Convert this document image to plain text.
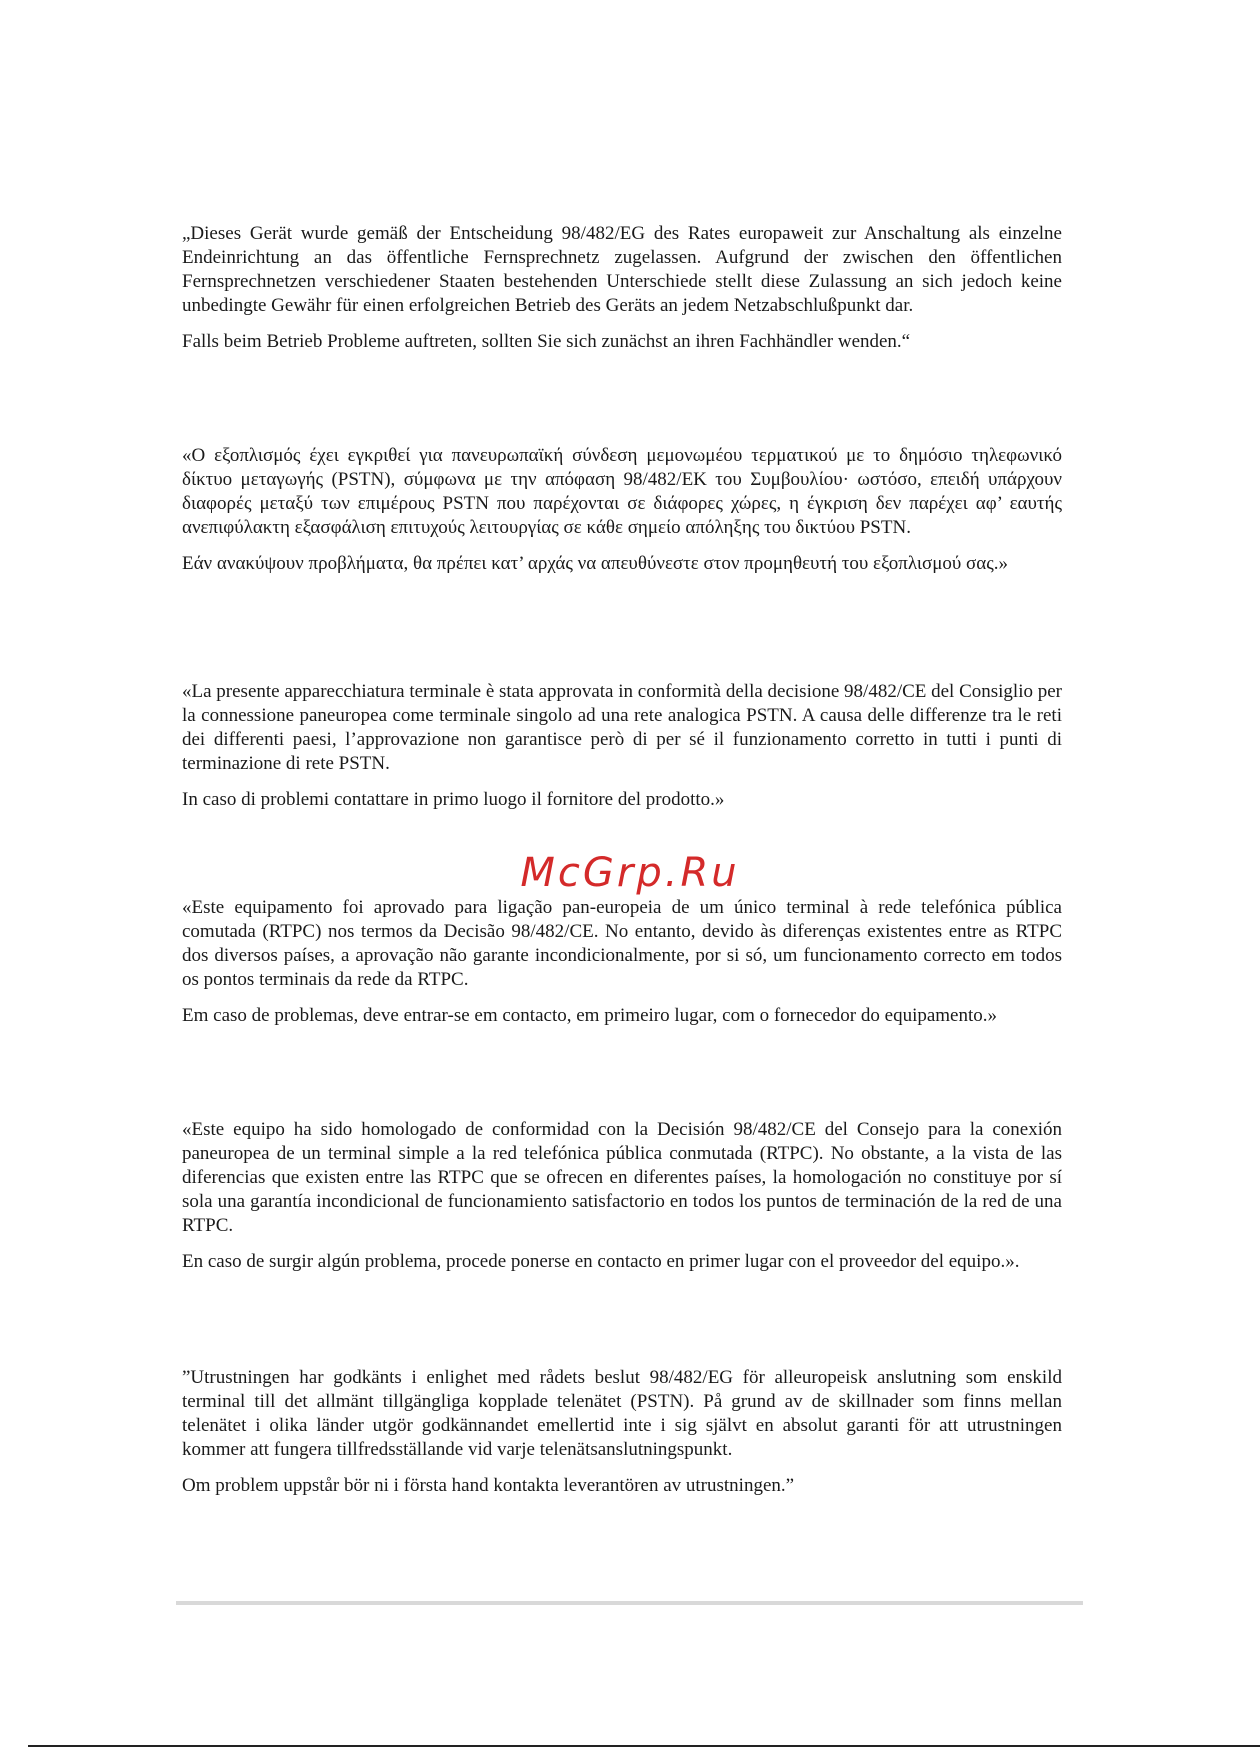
„Dieses Gerät wurde gemäß der Entscheidung 98/482/EG des Rates europaweit zur Anschaltung als einzelne Endeinrichtung an das öffentliche Fernsprechnetz zugelassen. Aufgrund der zwischen den öffentlichen Fernsprechnetzen verschiedener Staaten bestehenden Unterschiede stellt diese Zulassung an sich jedoch keine unbedingte Gewähr für einen erfolgreichen Betrieb des Geräts an jedem Netzabschlußpunkt dar.

Falls beim Betrieb Probleme auftreten, sollten Sie sich zunächst an ihren Fachhändler wenden.“

«Ο εξοπλισμός έχει εγκριθεί για πανευρωπαϊκή σύνδεση μεμονωμέου τερματικού με το δημόσιο τηλεφωνικό δίκτυο μεταγωγής (PSTN), σύμφωνα με την απόφαση 98/482/ΕΚ του Συμβουλίου· ωστόσο, επειδή υπάρχουν διαφορές μεταξύ των επιμέρους PSTN που παρέχονται σε διάφορες χώρες, η έγκριση δεν παρέχει αφ’ εαυτής ανεπιφύλακτη εξασφάλιση επιτυχούς λειτουργίας σε κάθε σημείο απόληξης του δικτύου PSTN.

Εάν ανακύψουν προβλήματα, θα πρέπει κατ’ αρχάς να απευθύνεστε στον προμηθευτή του εξοπλισμού σας.»

«La presente apparecchiatura terminale è stata approvata in conformità della decisione 98/482/CE del Consiglio per la connessione paneuropea come terminale singolo ad una rete analogica PSTN. A causa delle differenze tra le reti dei differenti paesi, l’approvazione non garantisce però di per sé il funzionamento corretto in tutti i punti di terminazione di rete PSTN.

In caso di problemi contattare in primo luogo il fornitore del prodotto.»

«Este equipamento foi aprovado para ligação pan-europeia de um único terminal à rede telefónica pública comutada (RTPC) nos termos da Decisão 98/482/CE. No entanto, devido às diferenças existentes entre as RTPC dos diversos países, a aprovação não garante incondicionalmente, por si só, um funcionamento correcto em todos os pontos terminais da rede da RTPC.

Em caso de problemas, deve entrar-se em contacto, em primeiro lugar, com o fornecedor do equipamento.»

«Este equipo ha sido homologado de conformidad con la Decisión 98/482/CE del Consejo para la conexión paneuropea de un terminal simple a la red telefónica pública conmutada (RTPC). No obstante, a la vista de las diferencias que existen entre las RTPC que se ofrecen en diferentes países, la homologación no constituye por sí sola una garantía incondicional de funcionamiento satisfactorio en todos los puntos de terminación de la red de una RTPC.

En caso de surgir algún problema, procede ponerse en contacto en primer lugar con el proveedor del equipo.».

”Utrustningen har godkänts i enlighet med rådets beslut 98/482/EG för alleuropeisk anslutning som enskild terminal till det allmänt tillgängliga kopplade telenätet (PSTN). På grund av de skillnader som finns mellan telenätet i olika länder utgör godkännandet emellertid inte i sig självt en absolut garanti för att utrustningen kommer att fungera tillfredsställande vid varje telenätsanslutningspunkt.

Om problem uppstår bör ni i första hand kontakta leverantören av utrustningen.”

McGrp.Ru
